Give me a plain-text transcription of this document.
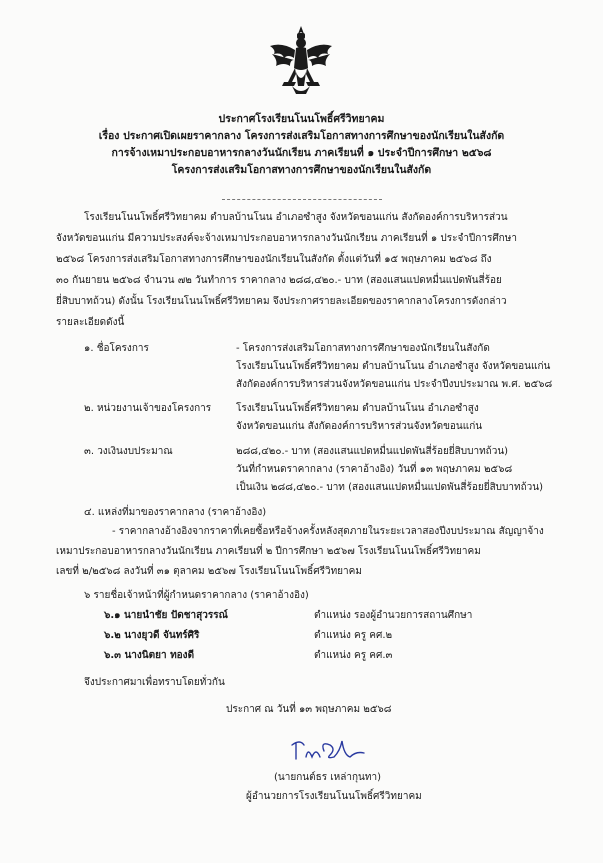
ประกาศโรงเรียนโนนโพธิ์ศรีวิทยาคม
เรื่อง ประกาศเปิดเผยราคากลาง โครงการส่งเสริมโอกาสทางการศึกษาของนักเรียนในสังกัด
การจ้างเหมาประกอบอาหารกลางวันนักเรียน ภาคเรียนที่ ๑ ประจำปีการศึกษา ๒๕๖๘
โครงการส่งเสริมโอกาสทางการศึกษาของนักเรียนในสังกัด
โรงเรียนโนนโพธิ์ศรีวิทยาคม ตำบลบ้านโนน อำเภอซำสูง จังหวัดขอนแก่น สังกัดองค์การบริหารส่วน
จังหวัดขอนแก่น มีความประสงค์จะจ้างเหมาประกอบอาหารกลางวันนักเรียน ภาคเรียนที่ ๑ ประจำปีการศึกษา
๒๕๖๘ โครงการส่งเสริมโอกาสทางการศึกษาของนักเรียนในสังกัด ตั้งแต่วันที่ ๑๕ พฤษภาคม ๒๕๖๘ ถึง
๓๐ กันยายน ๒๕๖๘ จำนวน ๗๒ วันทำการ ราคากลาง ๒๘๘,๔๒๐.- บาท (สองแสนแปดหมื่นแปดพันสี่ร้อย
ยี่สิบบาทถ้วน) ดังนั้น โรงเรียนโนนโพธิ์ศรีวิทยาคม จึงประกาศรายละเอียดของราคากลางโครงการดังกล่าว
รายละเอียดดังนี้
๑. ชื่อโครงการ	- โครงการส่งเสริมโอกาสทางการศึกษาของนักเรียนในสังกัด
โรงเรียนโนนโพธิ์ศรีวิทยาคม ตำบลบ้านโนน อำเภอซำสูง จังหวัดขอนแก่น
สังกัดองค์การบริหารส่วนจังหวัดขอนแก่น ประจำปีงบประมาณ พ.ศ. ๒๕๖๘
๒. หน่วยงานเจ้าของโครงการ โรงเรียนโนนโพธิ์ศรีวิทยาคม ตำบลบ้านโนน อำเภอซำสูง
จังหวัดขอนแก่น สังกัดองค์การบริหารส่วนจังหวัดขอนแก่น
๓. วงเงินงบประมาณ	๒๘๘,๔๒๐.- บาท (สองแสนแปดหมื่นแปดพันสี่ร้อยยี่สิบบาทถ้วน)
วันที่กำหนดราคากลาง (ราคาอ้างอิง) วันที่ ๑๓ พฤษภาคม ๒๕๖๘
เป็นเงิน ๒๘๘,๔๒๐.- บาท (สองแสนแปดหมื่นแปดพันสี่ร้อยยี่สิบบาทถ้วน)
๔. แหล่งที่มาของราคากลาง (ราคาอ้างอิง)
- ราคากลางอ้างอิงจากราคาที่เคยซื้อหรือจ้างครั้งหลังสุดภายในระยะเวลาสองปีงบประมาณ สัญญาจ้าง
เหมาประกอบอาหารกลางวันนักเรียน ภาคเรียนที่ ๒ ปีการศึกษา ๒๕๖๗ โรงเรียนโนนโพธิ์ศรีวิทยาคม
เลขที่ ๒/๒๕๖๘ ลงวันที่ ๓๑ ตุลาคม ๒๕๖๗ โรงเรียนโนนโพธิ์ศรีวิทยาคม
๖ รายชื่อเจ้าหน้าที่ผู้กำหนดราคากลาง (ราคาอ้างอิง)
๖.๑ นายนำชัย ปัดชาสุวรรณ์	ตำแหน่ง รองผู้อำนวยการสถานศึกษา
๖.๒ นางยุวดี จันทร์ศิริ	ตำแหน่ง ครู คศ.๒
๖.๓ นางนิตยา ทองดี	ตำแหน่ง ครู คศ.๓
จึงประกาศมาเพื่อทราบโดยทั่วกัน
ประกาศ ณ วันที่ ๑๓ พฤษภาคม ๒๕๖๘
(นายกนต์ธร เหล่ากุนทา)
ผู้อำนวยการโรงเรียนโนนโพธิ์ศรีวิทยาคม
